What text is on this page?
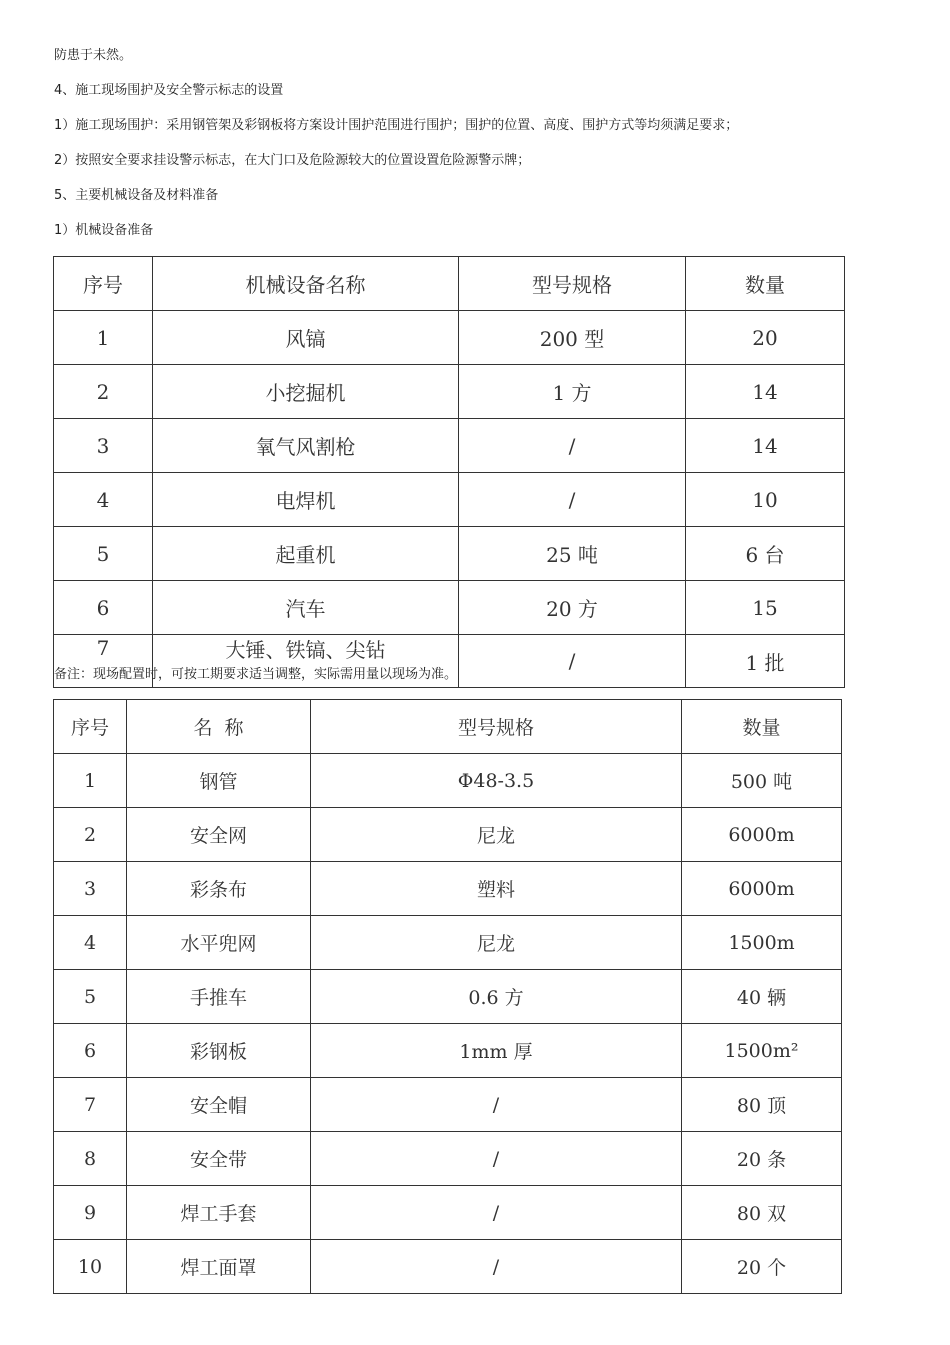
防患于未然。
4、施工现场围护及安全警示标志的设置
1）施工现场围护：采用钢管架及彩钢板将方案设计围护范围进行围护；围护的位置、高度、围护方式等均须满足要求；
2）按照安全要求挂设警示标志，在大门口及危险源较大的位置设置危险源警示牌；
5、主要机械设备及材料准备
1）机械设备准备
序号	机械设备名称	型号规格	数量
1	风镐	200 型	20
2	小挖掘机	1 方	14
3	氧气风割枪	/	14
4	电焊机	/	10
5	起重机	25 吨	6 台
6	汽车	20 方	15
7	大锤、铁镐、尖钻	/	1 批
备注：现场配置时，可按工期要求适当调整，实际需用量以现场为准。
序号	名  称	型号规格	数量
1	钢管	Φ48-3.5	500 吨
2	安全网	尼龙	6000m
3	彩条布	塑料	6000m
4	水平兜网	尼龙	1500m
5	手推车	0.6 方	40 辆
6	彩钢板	1mm 厚	1500m²
7	安全帽	/	80 顶
8	安全带	/	20 条
9	焊工手套	/	80 双
10	焊工面罩	/	20 个
